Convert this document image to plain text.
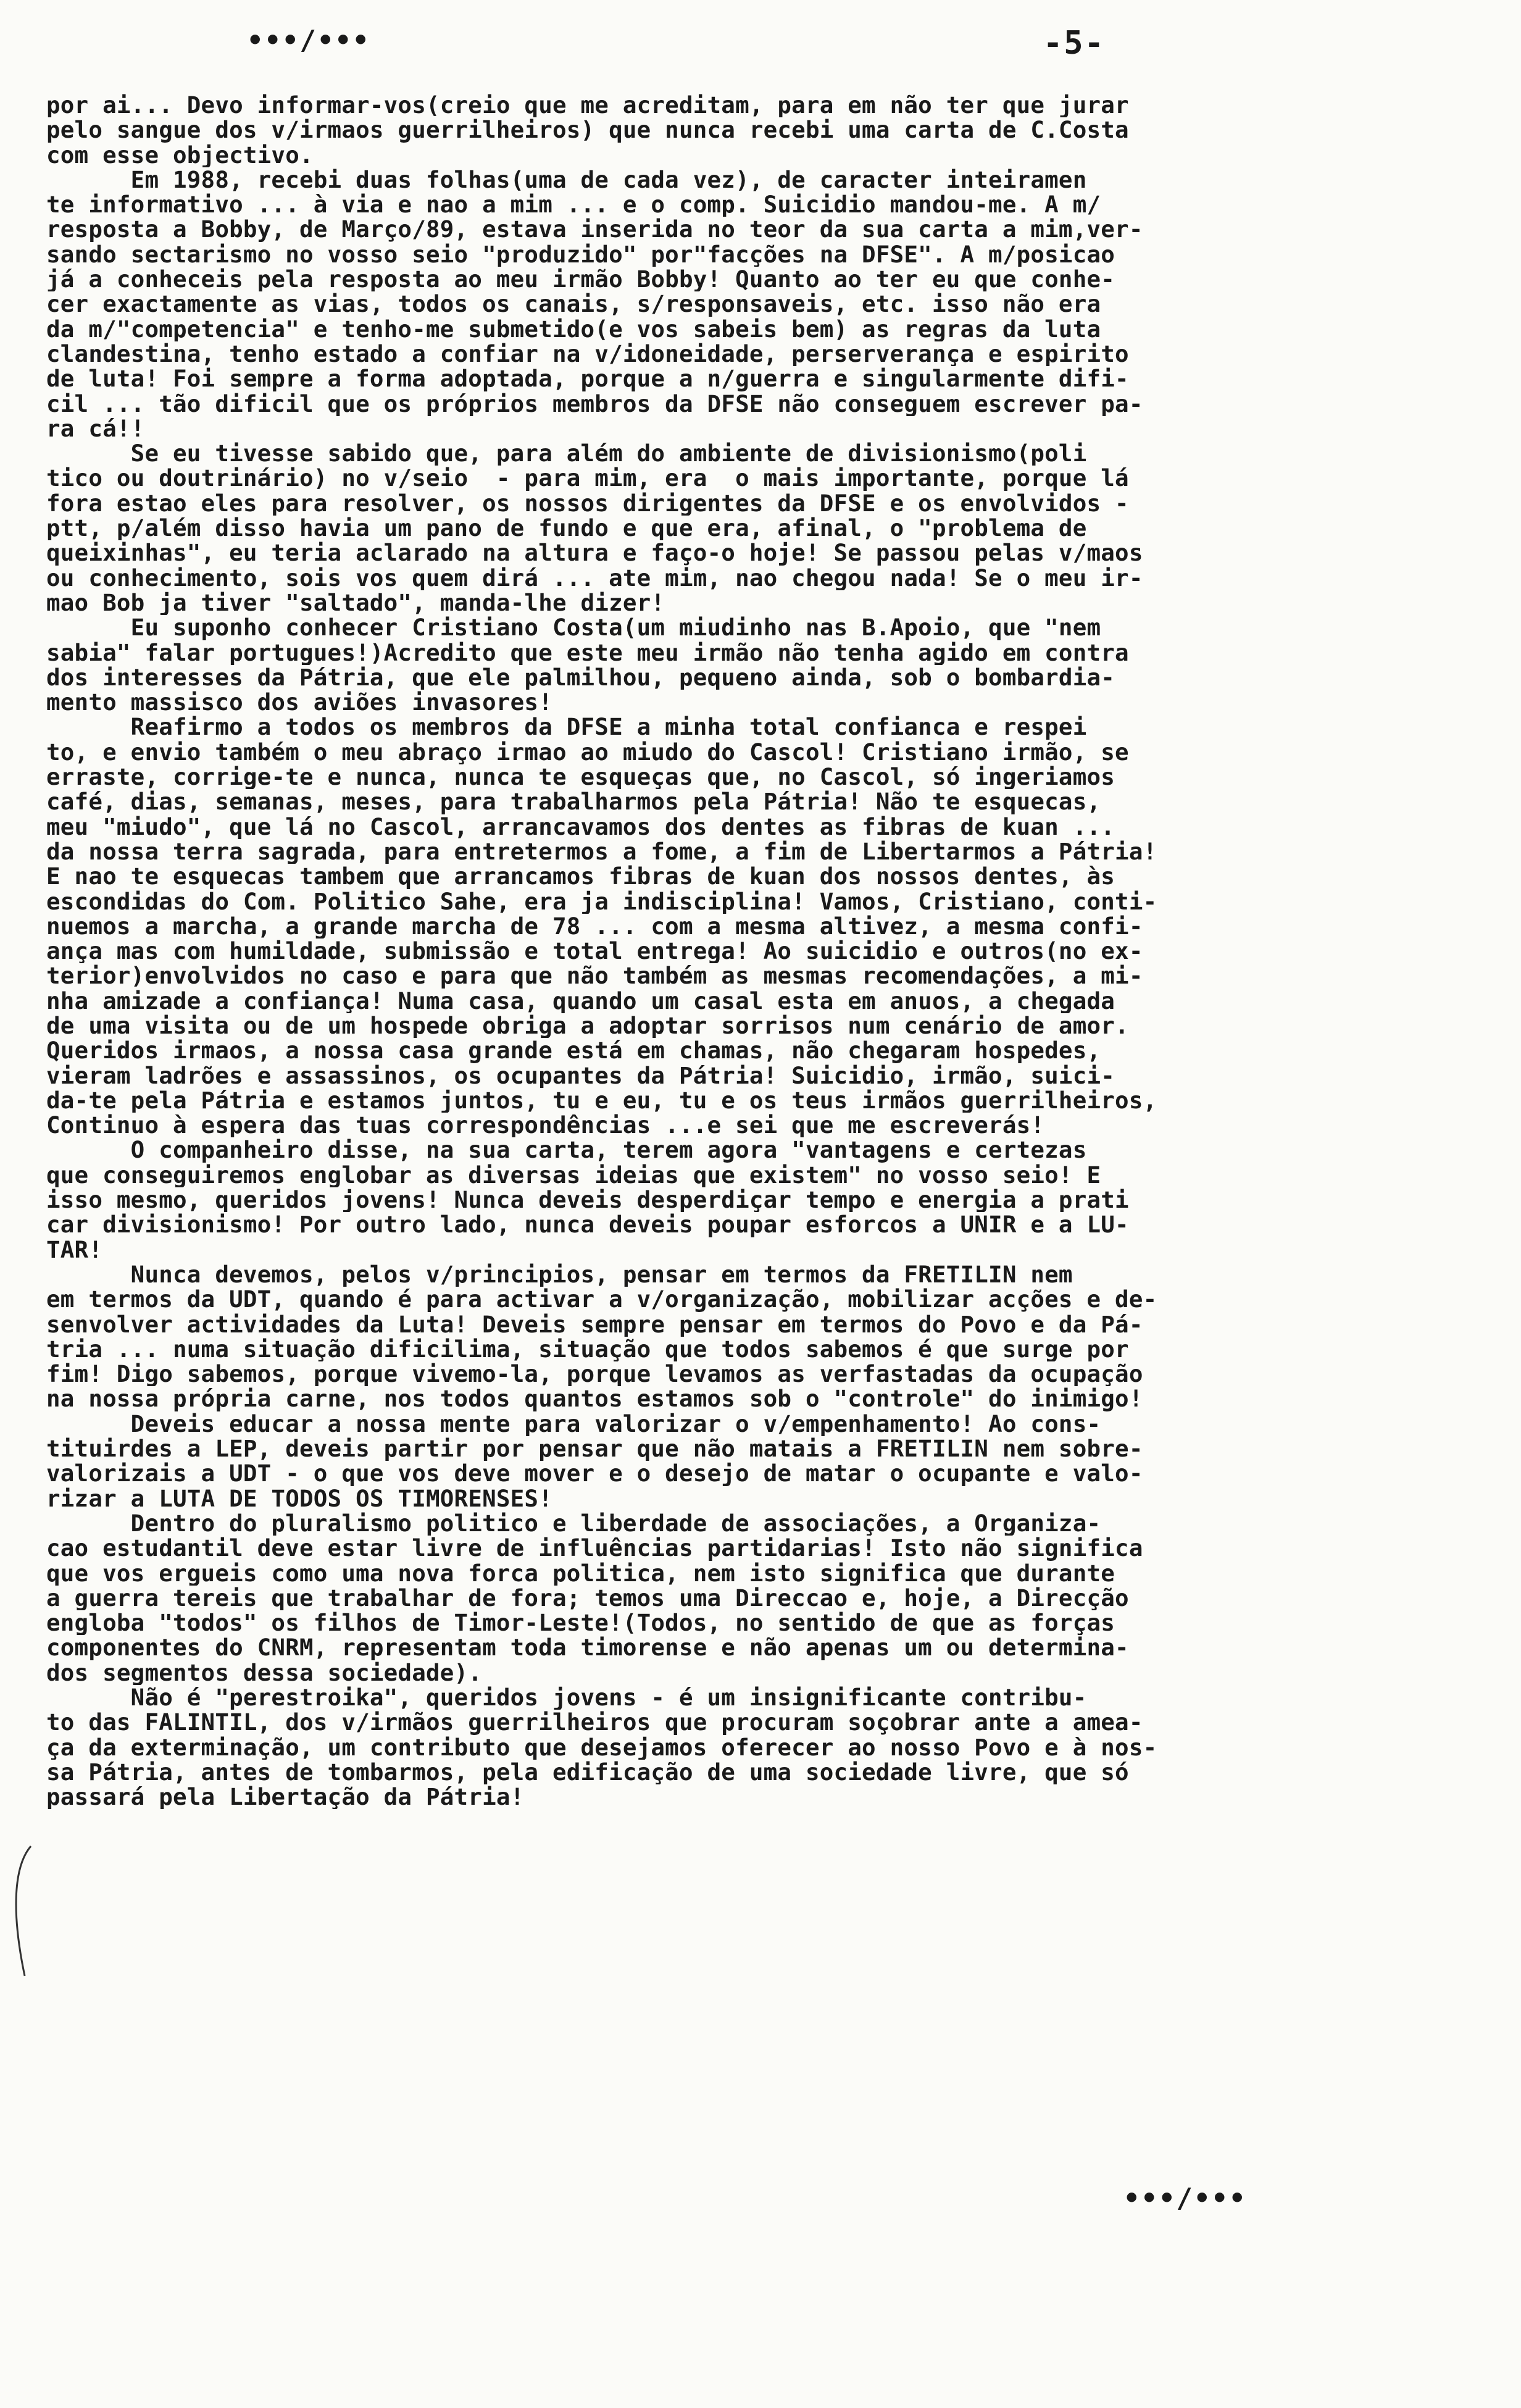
•••/•••	-5-
por ai... Devo informar-vos(creio que me acreditam, para em não ter que jurar
pelo sangue dos v/irmaos guerrilheiros) que nunca recebi uma carta de C.Costa
com esse objectivo.
Em 1988, recebi duas folhas(uma de cada vez), de caracter inteiramen
te informativo ... à via e nao a mim ... e o comp. Suicidio mandou-me. A m/
resposta a Bobby, de Março/89, estava inserida no teor da sua carta a mim,ver-
sando sectarismo no vosso seio "produzido" por"facções na DFSE". A m/posicao
já a conheceis pela resposta ao meu irmão Bobby! Quanto ao ter eu que conhe-
cer exactamente as vias, todos os canais, s/responsaveis, etc. isso não era
da m/"competencia" e tenho-me submetido(e vos sabeis bem) as regras da luta
clandestina, tenho estado a confiar na v/idoneidade, perserverança e espirito
de luta! Foi sempre a forma adoptada, porque a n/guerra e singularmente difi-
cil ... tão dificil que os próprios membros da DFSE não conseguem escrever pa-
ra cá!!
Se eu tivesse sabido que, para além do ambiente de divisionismo(poli
tico ou doutrinário) no v/seio  - para mim, era  o mais importante, porque lá
fora estao eles para resolver, os nossos dirigentes da DFSE e os envolvidos -
ptt, p/além disso havia um pano de fundo e que era, afinal, o "problema de
queixinhas", eu teria aclarado na altura e faço-o hoje! Se passou pelas v/maos
ou conhecimento, sois vos quem dirá ... ate mim, nao chegou nada! Se o meu ir-
mao Bob ja tiver "saltado", manda-lhe dizer!
Eu suponho conhecer Cristiano Costa(um miudinho nas B.Apoio, que "nem
sabia" falar portugues!)Acredito que este meu irmão não tenha agido em contra
dos interesses da Pátria, que ele palmilhou, pequeno ainda, sob o bombardia-
mento massisco dos aviões invasores!
Reafirmo a todos os membros da DFSE a minha total confianca e respei
to, e envio também o meu abraço irmao ao miudo do Cascol! Cristiano irmão, se
erraste, corrige-te e nunca, nunca te esqueças que, no Cascol, só ingeriamos
café, dias, semanas, meses, para trabalharmos pela Pátria! Não te esquecas,
meu "miudo", que lá no Cascol, arrancavamos dos dentes as fibras de kuan ...
da nossa terra sagrada, para entretermos a fome, a fim de Libertarmos a Pátria!
E nao te esquecas tambem que arrancamos fibras de kuan dos nossos dentes, às
escondidas do Com. Politico Sahe, era ja indisciplina! Vamos, Cristiano, conti-
nuemos a marcha, a grande marcha de 78 ... com a mesma altivez, a mesma confi-
ança mas com humildade, submissão e total entrega! Ao suicidio e outros(no ex-
terior)envolvidos no caso e para que não também as mesmas recomendações, a mi-
nha amizade a confiança! Numa casa, quando um casal esta em anuos, a chegada
de uma visita ou de um hospede obriga a adoptar sorrisos num cenário de amor.
Queridos irmaos, a nossa casa grande está em chamas, não chegaram hospedes,
vieram ladrões e assassinos, os ocupantes da Pátria! Suicidio, irmão, suici-
da-te pela Pátria e estamos juntos, tu e eu, tu e os teus irmãos guerrilheiros,
Continuo à espera das tuas correspondências ...e sei que me escreverás!
O companheiro disse, na sua carta, terem agora "vantagens e certezas
que conseguiremos englobar as diversas ideias que existem" no vosso seio! E
isso mesmo, queridos jovens! Nunca deveis desperdiçar tempo e energia a prati
car divisionismo! Por outro lado, nunca deveis poupar esforcos a UNIR e a LU-
TAR!
Nunca devemos, pelos v/principios, pensar em termos da FRETILIN nem
em termos da UDT, quando é para activar a v/organização, mobilizar acções e de-
senvolver actividades da Luta! Deveis sempre pensar em termos do Povo e da Pá-
tria ... numa situação dificilima, situação que todos sabemos é que surge por
fim! Digo sabemos, porque vivemo-la, porque levamos as verfastadas da ocupação
na nossa própria carne, nos todos quantos estamos sob o "controle" do inimigo!
Deveis educar a nossa mente para valorizar o v/empenhamento! Ao cons-
tituirdes a LEP, deveis partir por pensar que não matais a FRETILIN nem sobre-
valorizais a UDT - o que vos deve mover e o desejo de matar o ocupante e valo-
rizar a LUTA DE TODOS OS TIMORENSES!
Dentro do pluralismo politico e liberdade de associações, a Organiza-
cao estudantil deve estar livre de influências partidarias! Isto não significa
que vos ergueis como uma nova forca politica, nem isto significa que durante
a guerra tereis que trabalhar de fora; temos uma Direccao e, hoje, a Direcção
engloba "todos" os filhos de Timor-Leste!(Todos, no sentido de que as forças
componentes do CNRM, representam toda timorense e não apenas um ou determina-
dos segmentos dessa sociedade).
Não é "perestroika", queridos jovens - é um insignificante contribu-
to das FALINTIL, dos v/irmãos guerrilheiros que procuram soçobrar ante a amea-
ça da exterminação, um contributo que desejamos oferecer ao nosso Povo e à nos-
sa Pátria, antes de tombarmos, pela edificação de uma sociedade livre, que só
passará pela Libertação da Pátria!
•••/•••
